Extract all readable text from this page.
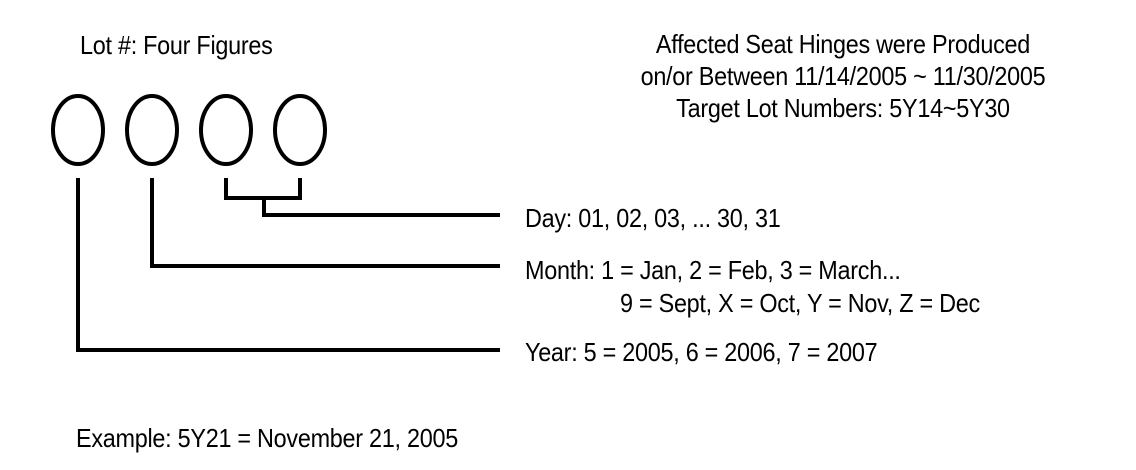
Lot #: Four Figures	Affected Seat Hinges were Produced
on/or Between 11/14/2005 ~ 11/30/2005
Target Lot Numbers: 5Y14~5Y30
Day: 01, 02, 03, ... 30, 31
Month: 1 = Jan, 2 = Feb, 3 = March...
9 = Sept, X = Oct, Y = Nov, Z = Dec
Year: 5 = 2005, 6 = 2006, 7 = 2007
Example: 5Y21 = November 21, 2005
